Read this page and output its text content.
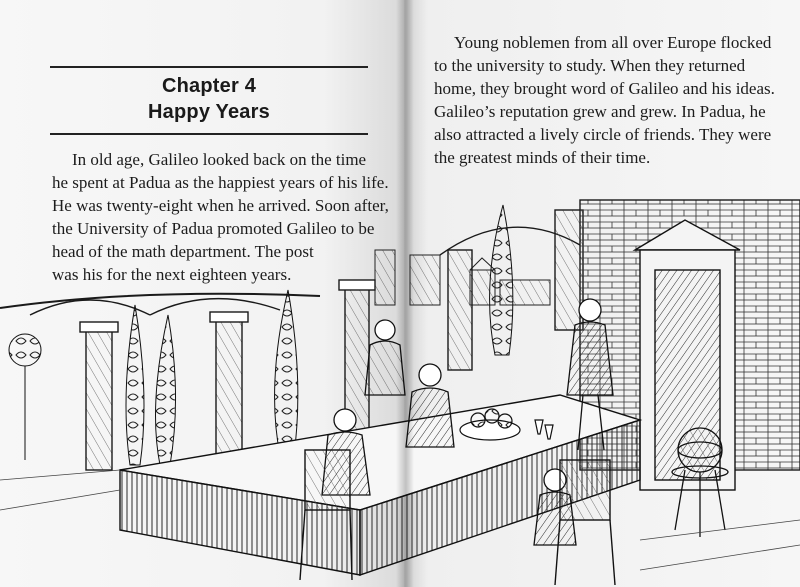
Chapter 4
Happy Years

In old age, Galileo looked back on the time
he spent at Padua as the happiest years of his life.
He was twenty-eight when he arrived. Soon after,
the University of Padua promoted Galileo to be
head of the math department. The post
was his for the next eighteen years.

Young noblemen from all over Europe flocked
to the university to study. When they returned
home, they brought word of Galileo and his ideas.
Galileo’s reputation grew and grew. In Padua, he
also attracted a lively circle of friends. They were
the greatest minds of their time.
